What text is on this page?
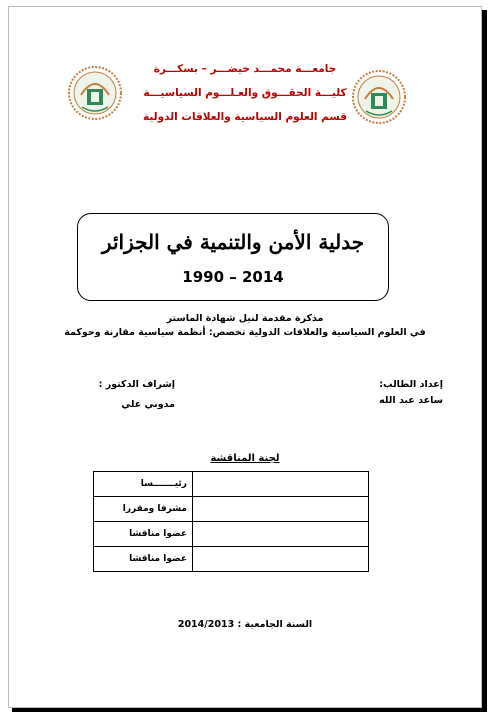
جامعـــة محمـــد خيضـــر – بسكـــرة
كليـــة الحقـــوق والعـلـــوم السياسيـــة
قسم العلوم السياسية والعلاقات الدولية
جدلية الأمن والتنمية في الجزائر
1990 – 2014
مذكرة مقدمة لنيل شهادة الماستر
في العلوم السياسية والعلاقات الدولية تخصص: أنظمة سياسية مقارنة وحوكمة
إعداد الطالب:
ساعد عبد الله
إشراف الدكتور :
مدوني علي
لجنة المناقشة
	رئيـــــــسا
	مشرفا ومقررا
	عضوا مناقشا
	عضوا مناقشا
السنة الجامعية : 2014/2013
